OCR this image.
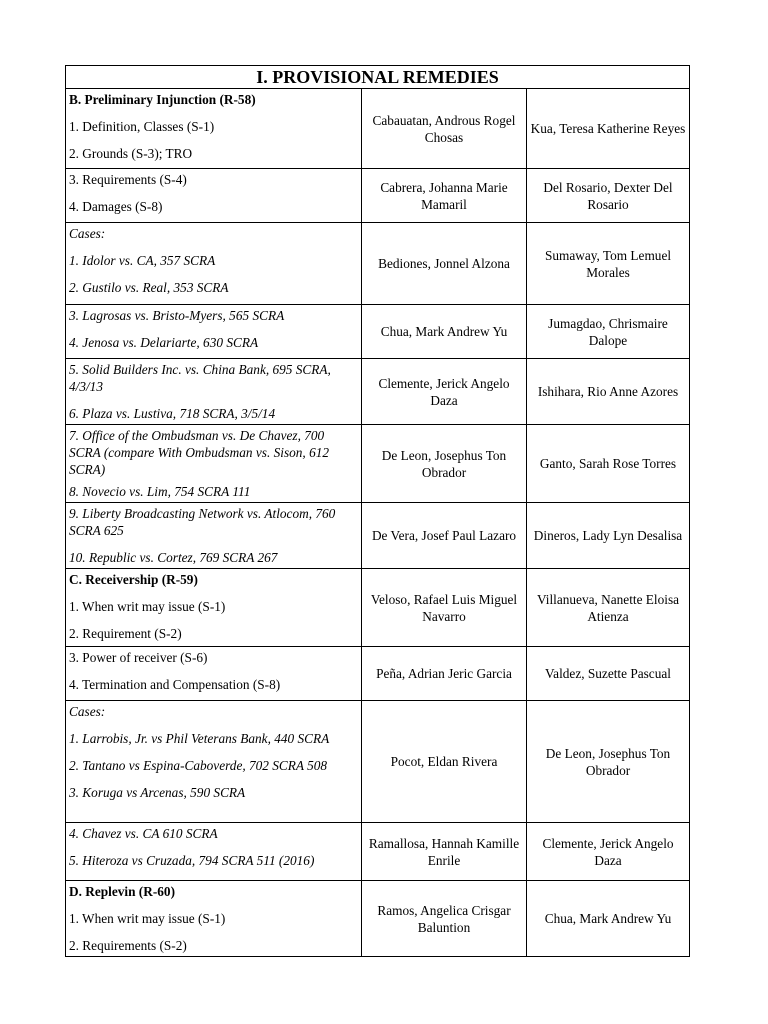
I. PROVISIONAL REMEDIES		

B. Preliminary Injunction (R-58)
1. Definition, Classes (S-1)
2. Grounds (S-3); TRO	Cabauatan, Androus Rogel Chosas	Kua, Teresa Katherine Reyes

3. Requirements (S-4)
4. Damages (S-8)	Cabrera, Johanna Marie Mamaril	Del Rosario, Dexter Del Rosario

Cases:
1. Idolor vs. CA, 357 SCRA
2. Gustilo vs. Real, 353 SCRA	Bediones, Jonnel Alzona	Sumaway, Tom Lemuel Morales

3. Lagrosas vs. Bristo-Myers, 565 SCRA
4. Jenosa vs. Delariarte, 630 SCRA	Chua, Mark Andrew Yu	Jumagdao, Chrismaire Dalope

5. Solid Builders Inc. vs. China Bank, 695 SCRA, 4/3/13
6. Plaza vs. Lustiva, 718 SCRA, 3/5/14	Clemente, Jerick Angelo Daza	Ishihara, Rio Anne Azores

7. Office of the Ombudsman vs. De Chavez, 700 SCRA (compare With Ombudsman vs. Sison, 612 SCRA)
8. Novecio vs. Lim, 754 SCRA 111	De Leon, Josephus Ton Obrador	Ganto, Sarah Rose Torres

9. Liberty Broadcasting Network vs. Atlocom, 760 SCRA 625
10. Republic vs. Cortez, 769 SCRA 267	De Vera, Josef Paul Lazaro	Dineros, Lady Lyn Desalisa

C. Receivership (R-59)
1. When writ may issue (S-1)
2. Requirement (S-2)	Veloso, Rafael Luis Miguel Navarro	Villanueva, Nanette Eloisa Atienza

3. Power of receiver (S-6)
4. Termination and Compensation (S-8)	Peña, Adrian Jeric Garcia	Valdez, Suzette Pascual

Cases:
1. Larrobis, Jr. vs Phil Veterans Bank, 440 SCRA
2. Tantano vs Espina-Caboverde, 702 SCRA 508
3. Koruga vs Arcenas, 590 SCRA	Pocot, Eldan Rivera	De Leon, Josephus Ton Obrador

4. Chavez vs. CA 610 SCRA
5. Hiteroza vs Cruzada, 794 SCRA 511 (2016)	Ramallosa, Hannah Kamille Enrile	Clemente, Jerick Angelo Daza

D. Replevin (R-60)
1. When writ may issue (S-1)
2. Requirements (S-2)	Ramos, Angelica Crisgar Baluntion	Chua, Mark Andrew Yu
